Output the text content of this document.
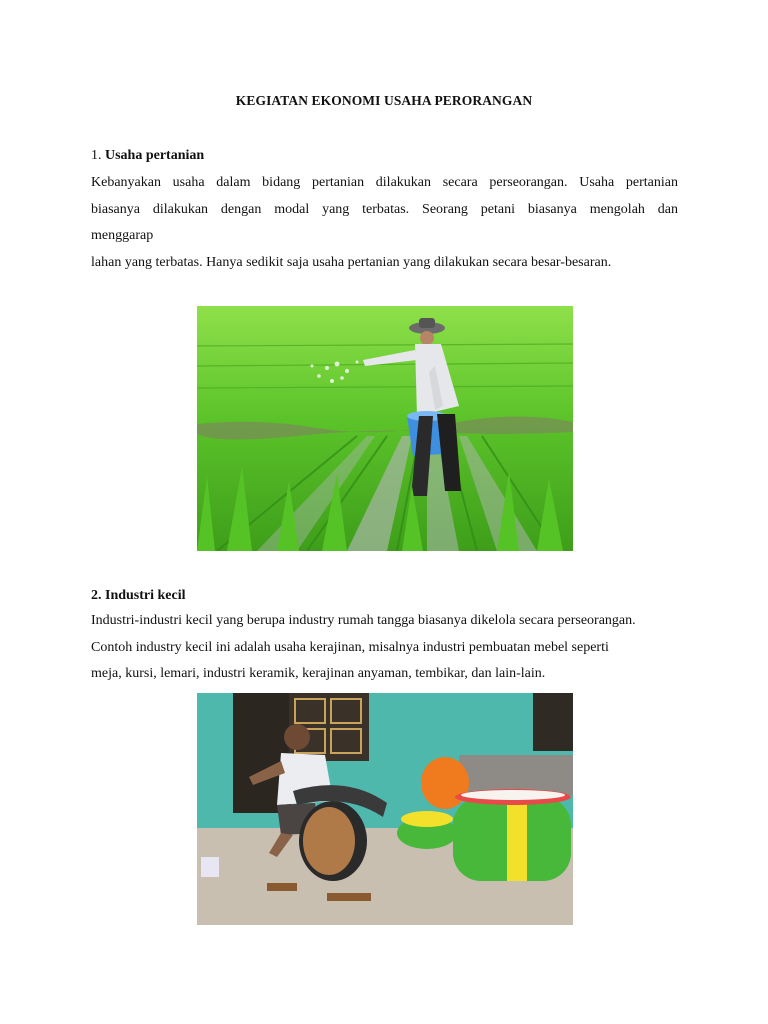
KEGIATAN EKONOMI USAHA PERORANGAN
1. Usaha pertanian
Kebanyakan usaha dalam bidang pertanian dilakukan secara perseorangan. Usaha pertanian
biasanya dilakukan dengan modal yang terbatas. Seorang petani biasanya mengolah dan
menggarap
lahan yang terbatas. Hanya sedikit saja usaha pertanian yang dilakukan secara besar-besaran.
2. Industri kecil
Industri-industri kecil yang berupa industry rumah tangga biasanya dikelola secara perseorangan.
Contoh industry kecil ini adalah usaha kerajinan, misalnya industri pembuatan mebel seperti
meja, kursi, lemari, industri keramik, kerajinan anyaman, tembikar, dan lain-lain.
